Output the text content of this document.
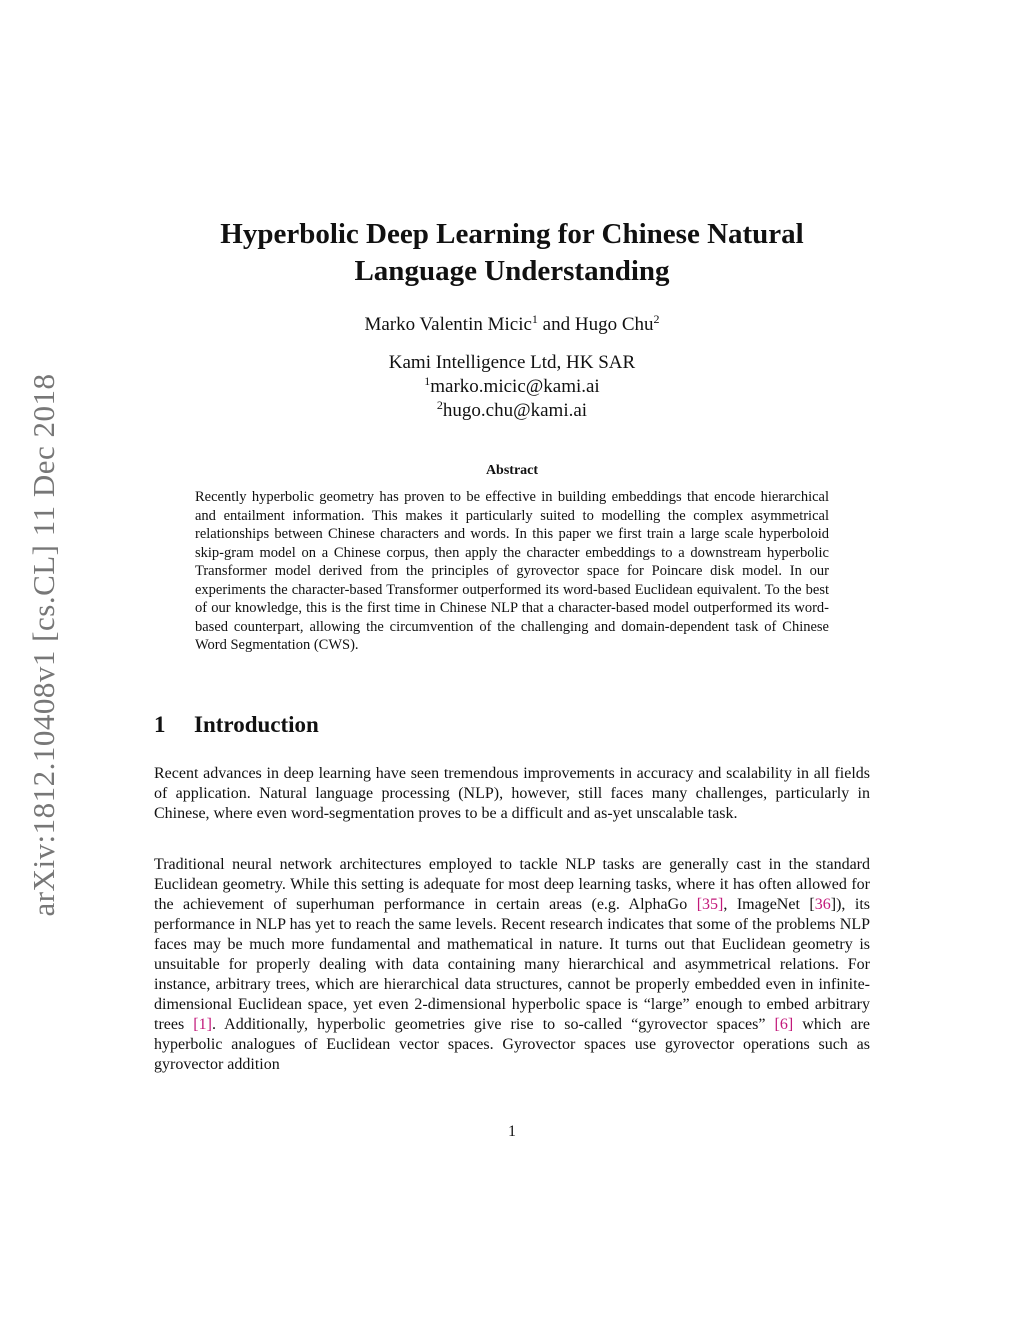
arXiv:1812.10408v1 [cs.CL] 11 Dec 2018
Hyperbolic Deep Learning for Chinese Natural
Language Understanding
Marko Valentin Micic$^1$ and Hugo Chu$^2$
Kami Intelligence Ltd, HK SAR
$^1$marko.micic@kami.ai
$^2$hugo.chu@kami.ai
Abstract
Recently hyperbolic geometry has proven to be effective in building embeddings that encode hierarchical and entailment information. This makes it particularly suited to modelling the complex asymmetrical relationships between Chinese characters and words. In this paper we first train a large scale hyperboloid skip-gram model on a Chinese corpus, then apply the character embeddings to a downstream hyperbolic Transformer model derived from the principles of gyrovector space for Poincare disk model. In our experiments the character-based Transformer outperformed its word-based Euclidean equivalent. To the best of our knowledge, this is the first time in Chinese NLP that a character-based model outperformed its word-based counterpart, allowing the circumvention of the challenging and domain-dependent task of Chinese Word Segmentation (CWS).
1 Introduction
Recent advances in deep learning have seen tremendous improvements in accuracy and scalability in all fields of application. Natural language processing (NLP), however, still faces many challenges, particularly in Chinese, where even word-segmentation proves to be a difficult and as-yet unscalable task.
Traditional neural network architectures employed to tackle NLP tasks are generally cast in the standard Euclidean geometry. While this setting is adequate for most deep learning tasks, where it has often allowed for the achievement of superhuman performance in certain areas (e.g. AlphaGo [35], ImageNet [36]), its performance in NLP has yet to reach the same levels. Recent research indicates that some of the problems NLP faces may be much more fundamental and mathematical in nature. It turns out that Euclidean geometry is unsuitable for properly dealing with data containing many hierarchical and asymmetrical relations. For instance, arbitrary trees, which are hierarchical data structures, cannot be properly embedded even in infinite-dimensional Euclidean space, yet even 2-dimensional hyperbolic space is “large” enough to embed arbitrary trees [1]. Additionally, hyperbolic geometries give rise to so-called “gyrovector spaces” [6] which are hyperbolic analogues of Euclidean vector spaces. Gyrovector spaces use gyrovector operations such as gyrovector addition
1
